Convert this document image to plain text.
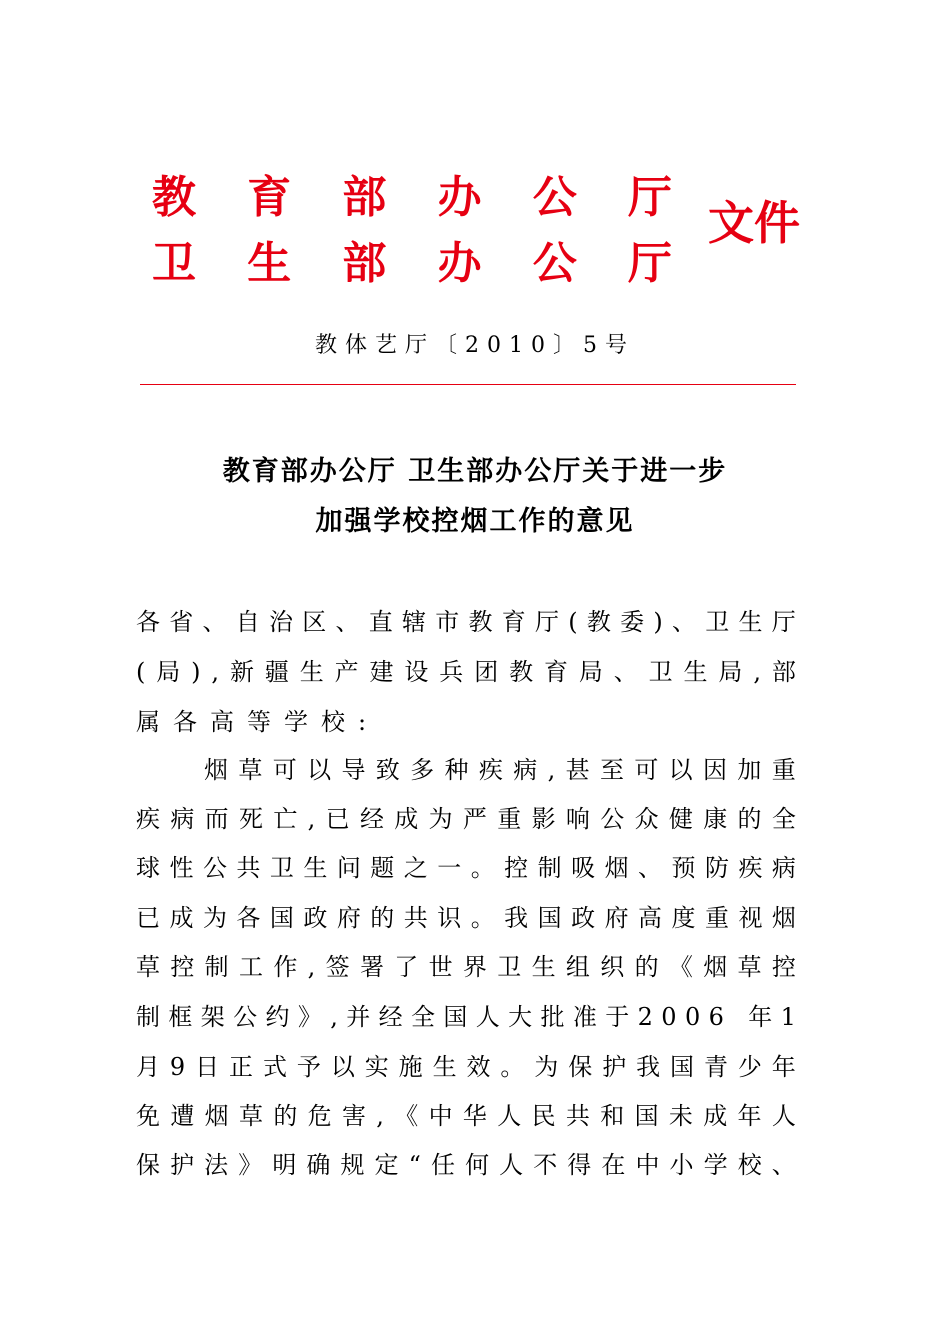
教 育 部 办 公 厅
卫 生 部 办 公 厅
文件
教体艺厅〔2010〕5号
教育部办公厅 卫生部办公厅关于进一步
加强学校控烟工作的意见
各 省 、 自 治 区 、 直 辖 市 教 育 厅 ( 教 委 ) 、 卫 生 厅
( 局 ) , 新 疆 生 产 建 设 兵 团 教 育 局 、 卫 生 局 , 部
属 各 高 等 学 校 :
烟 草 可 以 导 致 多 种 疾 病 , 甚 至 可 以 因 加 重
疾 病 而 死 亡 , 已 经 成 为 严 重 影 响 公 众 健 康 的 全
球 性 公 共 卫 生 问 题 之 一 。 控 制 吸 烟 、 预 防 疾 病
已 成 为 各 国 政 府 的 共 识 。 我 国 政 府 高 度 重 视 烟
草 控 制 工 作 , 签 署 了 世 界 卫 生 组 织 的 《 烟 草 控
制 框 架 公 约 》 , 并 经 全 国 人 大 批 准 于 2 0 0 6
年 1
月 9 日 正 式 予 以 实 施 生 效 。 为 保 护 我 国 青 少 年
免 遭 烟 草 的 危 害 , 《 中 华 人 民 共 和 国 未 成 年 人
保 护 法 》 明 确 规 定 “ 任 何 人 不 得 在 中 小 学 校 、
